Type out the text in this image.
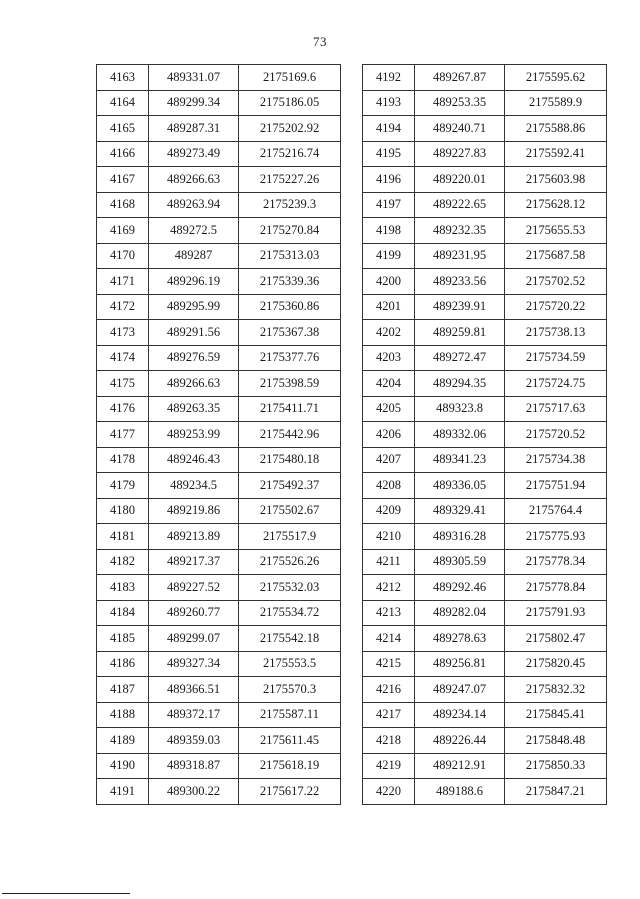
73
4163	489331.07	2175169.6
4164	489299.34	2175186.05
4165	489287.31	2175202.92
4166	489273.49	2175216.74
4167	489266.63	2175227.26
4168	489263.94	2175239.3
4169	489272.5	2175270.84
4170	489287	2175313.03
4171	489296.19	2175339.36
4172	489295.99	2175360.86
4173	489291.56	2175367.38
4174	489276.59	2175377.76
4175	489266.63	2175398.59
4176	489263.35	2175411.71
4177	489253.99	2175442.96
4178	489246.43	2175480.18
4179	489234.5	2175492.37
4180	489219.86	2175502.67
4181	489213.89	2175517.9
4182	489217.37	2175526.26
4183	489227.52	2175532.03
4184	489260.77	2175534.72
4185	489299.07	2175542.18
4186	489327.34	2175553.5
4187	489366.51	2175570.3
4188	489372.17	2175587.11
4189	489359.03	2175611.45
4190	489318.87	2175618.19
4191	489300.22	2175617.22
4192	489267.87	2175595.62
4193	489253.35	2175589.9
4194	489240.71	2175588.86
4195	489227.83	2175592.41
4196	489220.01	2175603.98
4197	489222.65	2175628.12
4198	489232.35	2175655.53
4199	489231.95	2175687.58
4200	489233.56	2175702.52
4201	489239.91	2175720.22
4202	489259.81	2175738.13
4203	489272.47	2175734.59
4204	489294.35	2175724.75
4205	489323.8	2175717.63
4206	489332.06	2175720.52
4207	489341.23	2175734.38
4208	489336.05	2175751.94
4209	489329.41	2175764.4
4210	489316.28	2175775.93
4211	489305.59	2175778.34
4212	489292.46	2175778.84
4213	489282.04	2175791.93
4214	489278.63	2175802.47
4215	489256.81	2175820.45
4216	489247.07	2175832.32
4217	489234.14	2175845.41
4218	489226.44	2175848.48
4219	489212.91	2175850.33
4220	489188.6	2175847.21
